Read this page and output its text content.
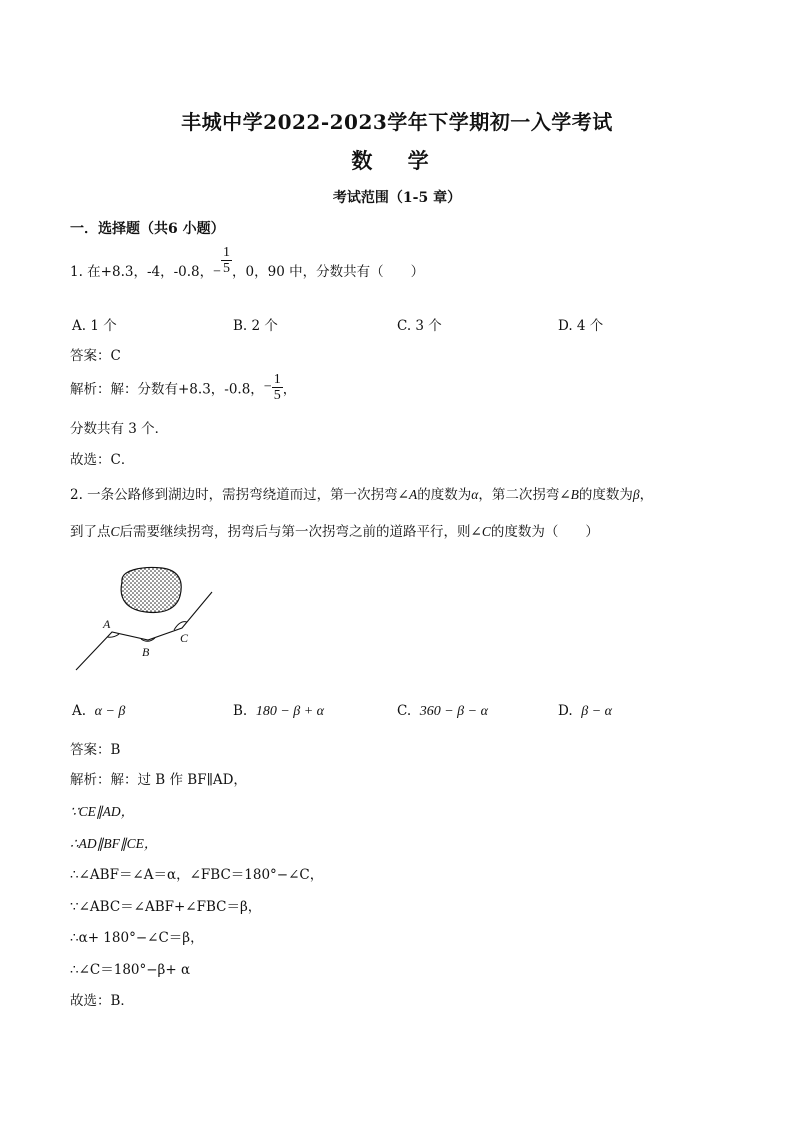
丰城中学2022-2023学年下学期初一入学考试
数 学
考试范围（1-5 章）
一．选择题（共6 小题）
1. 在+8.3，-4，-0.8，− $\frac{1}{5}$ ，0，90 中，分数共有（　　）
A. 1 个	B. 2 个	C. 3 个	D. 4 个
答案：C
解析：解：分数有+8.3，-0.8，− $\frac{1}{5}$ ，
分数共有 3 个．
故选：C．
2. 一条公路修到湖边时，需拐弯绕道而过，第一次拐弯∠A的度数为α，第二次拐弯∠B的度数为β，
到了点C后需要继续拐弯，拐弯后与第一次拐弯之前的道路平行，则∠C的度数为（　　）
A
B
C
A. α − β	B. 180 − β + α	C. 360 − β − α	D. β − α
答案：B
解析：解：过 B 作 BF∥AD，
∵CE∥AD，
∴AD∥BF∥CE，
∴∠ABF＝∠A＝α，∠FBC＝180°−∠C，
∵∠ABC＝∠ABF+∠FBC＝β，
∴α+ 180°−∠C＝β，
∴∠C＝180°−β+ α
故选：B．
